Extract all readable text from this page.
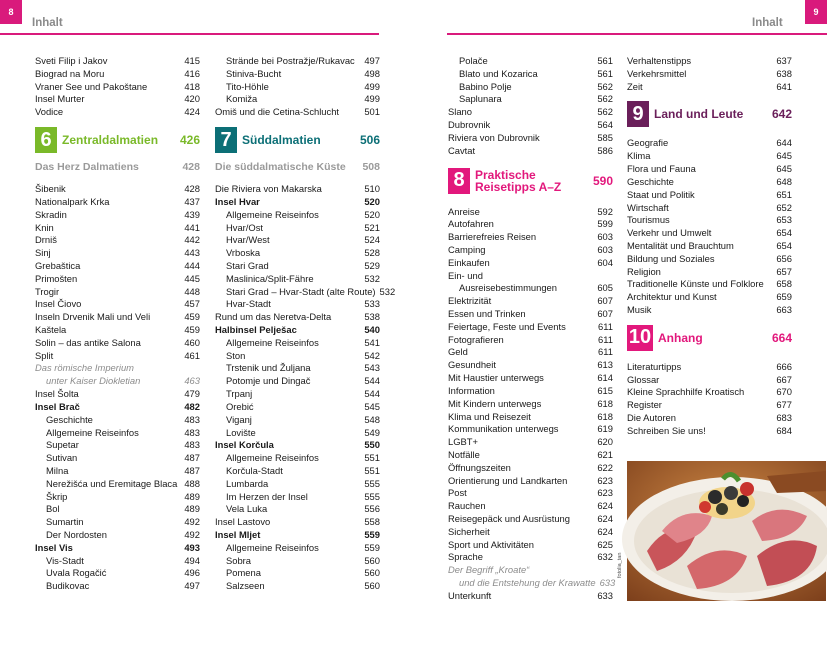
8
Inhalt
9
Inhalt
Sveti Filip i Jakov	415
Biograd na Moru	416
Vraner See und Pakoštane	418
Insel Murter	420
Vodice	424
6 Zentraldalmatien	426
Das Herz Dalmatiens	428
Šibenik	428
Nationalpark Krka	437
Skradin	439
Knin	441
Drniš	442
Sinj	443
Grebaštica	444
Primošten	445
Trogir	448
Insel Čiovo	457
Inseln Drvenik Mali und Veli	459
Kaštela	459
Solin – das antike Salona	460
Split	461
Das römische Imperium
unter Kaiser Diokletian	463
Insel Šolta	479
Insel Brač	482
Geschichte	483
Allgemeine Reiseinfos	483
Supetar	483
Sutivan	487
Milna	487
Nerežišća und Eremitage Blaca 488
Škrip	489
Bol	489
Sumartin	492
Der Nordosten	492
Insel Vis	493
Vis-Stadt	494
Uvala Rogačić	496
Budikovac	497
Strände bei Postražje/Rukavac	497
Stiniva-Bucht	498
Tito-Höhle	499
Komiža	499
Omiš und die Cetina-Schlucht	501
7 Süddalmatien	506
Die süddalmatische Küste 508
Die Riviera von Makarska	510
Insel Hvar	520
Allgemeine Reiseinfos	520
Hvar/Ost	521
Hvar/West	524
Vrboska	528
Stari Grad	529
Maslinica/Split-Fähre	532
Stari Grad – Hvar-Stadt (alte Route) 532
Hvar-Stadt	533
Rund um das Neretva-Delta	538
Halbinsel Pelješac	540
Allgemeine Reiseinfos	541
Ston	542
Trstenik und Žuljana	543
Potomje und Dingač	544
Trpanj	544
Orebić	545
Viganj	548
Lovište	549
Insel Korčula	550
Allgemeine Reiseinfos	551
Korčula-Stadt	551
Lumbarda	555
Im Herzen der Insel	555
Vela Luka	556
Insel Lastovo	558
Insel Mljet	559
Allgemeine Reiseinfos	559
Sobra	560
Pomena	560
Salzseen	560
Polače	561
Blato und Kozarica	561
Babino Polje	562
Saplunara	562
Slano	562
Dubrovnik	564
Riviera von Dubrovnik	585
Cavtat	586
8 Praktische
Reisetipps A–Z	590
Anreise	592
Autofahren	599
Barrierefreies Reisen	603
Camping	603
Einkaufen	604
Ein- und
Ausreisebestimmungen	605
Elektrizität	607
Essen und Trinken	607
Feiertage, Feste und Events	611
Fotografieren	611
Geld	611
Gesundheit	613
Mit Haustier unterwegs	614
Information	615
Mit Kindern unterwegs	618
Klima und Reisezeit	618
Kommunikation unterwegs	619
LGBT+	620
Notfälle	621
Öffnungszeiten	622
Orientierung und Landkarten	623
Post	623
Rauchen	624
Reisegepäck und Ausrüstung	624
Sicherheit	624
Sport und Aktivitäten	625
Sprache	632
Der Begriff „Kroate“
und die Entstehung der Krawatte 633
Unterkunft	633
Verhaltenstipps	637
Verkehrsmittel	638
Zeit	641
9 Land und Leute	642
Geografie	644
Klima	645
Flora und Fauna	645
Geschichte	648
Staat und Politik	651
Wirtschaft	652
Tourismus	653
Verkehr und Umwelt	654
Mentalität und Brauchtum	654
Bildung und Soziales	656
Religion	657
Traditionelle Künste und Folklore	658
Architektur und Kunst	659
Musik	663
10 Anhang	664
Literaturtipps	666
Glossar	667
Kleine Sprachhilfe Kroatisch	670
Register	677
Die Autoren	683
Schreiben Sie uns!	684
fotolia_tan
